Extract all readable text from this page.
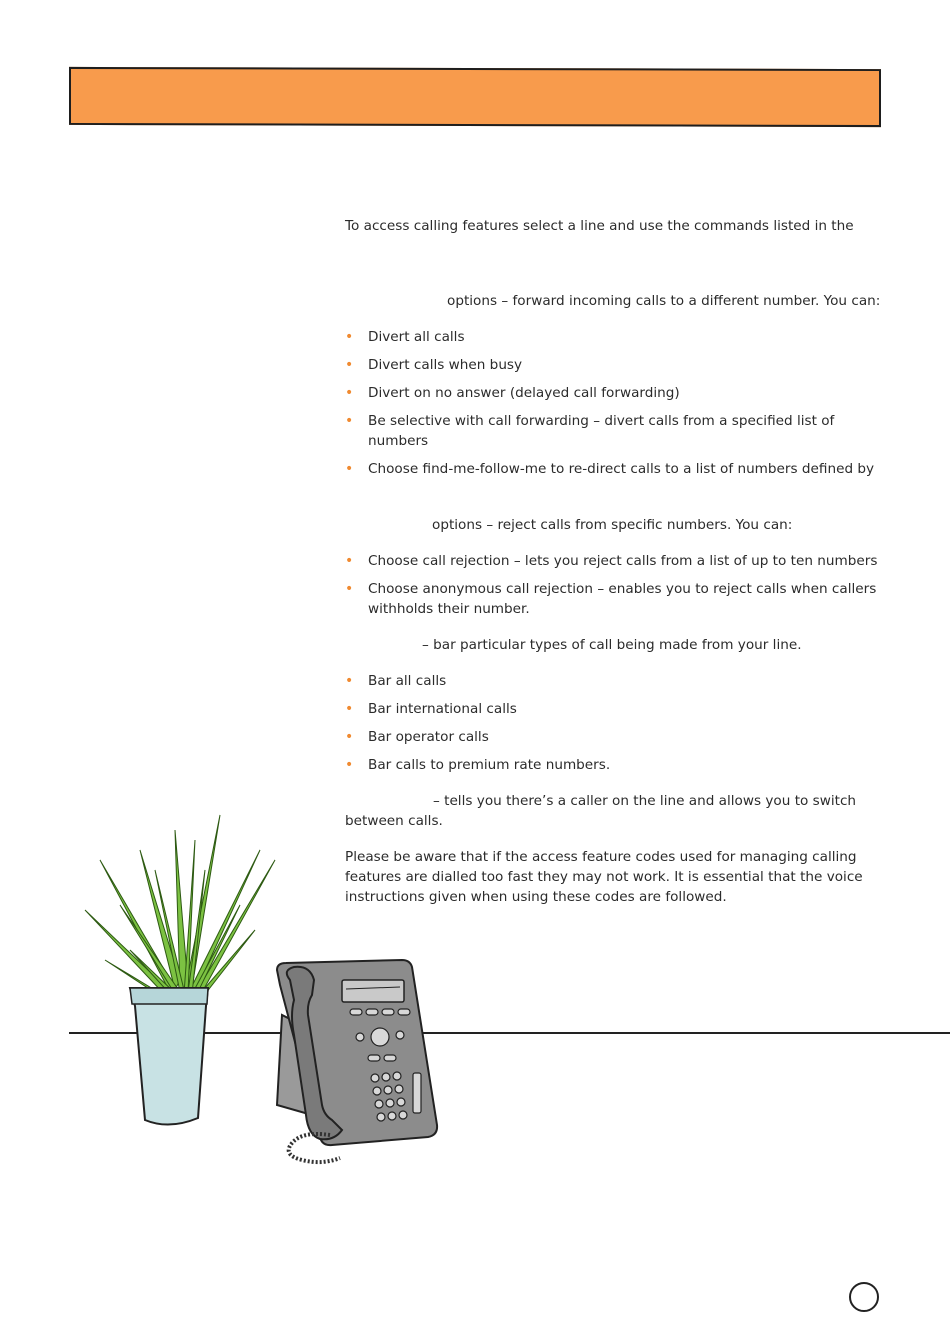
To access calling features select a line and use the commands listed in the

options – forward incoming calls to a different number. You can:

• Divert all calls
• Divert calls when busy
• Divert on no answer (delayed call forwarding)
• Be selective with call forwarding – divert calls from a specified list of numbers
• Choose find-me-follow-me to re-direct calls to a list of numbers defined by

options – reject calls from specific numbers. You can:

• Choose call rejection – lets you reject calls from a list of up to ten numbers
• Choose anonymous call rejection – enables you to reject calls when callers withholds their number.

– bar particular types of call being made from your line.

• Bar all calls
• Bar international calls
• Bar operator calls
• Bar calls to premium rate numbers.

– tells you there’s a caller on the line and allows you to switch

between calls.

Please be aware that if the access feature codes used for managing calling features are dialled too fast they may not work. It is essential that the voice instructions given when using these codes are followed.
